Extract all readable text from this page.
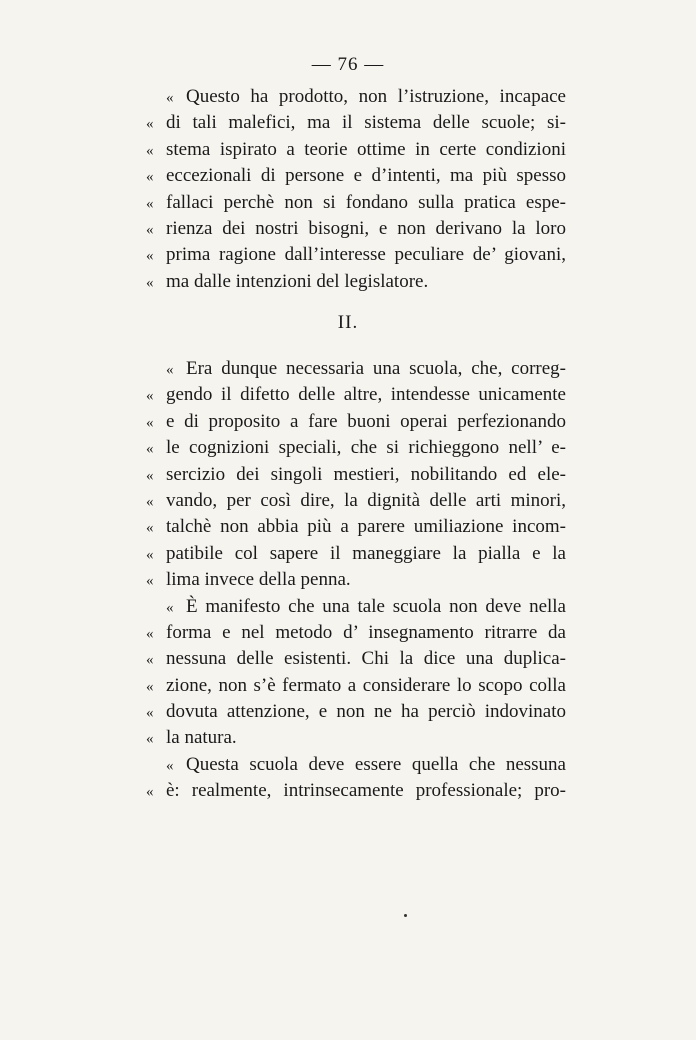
— 76 —
« Questo ha prodotto, non l’istruzione, incapace
« di tali malefici, ma il sistema delle scuole; si-
« stema ispirato a teorie ottime in certe condizioni
« eccezionali di persone e d’intenti, ma più spesso
« fallaci perchè non si fondano sulla pratica espe-
« rienza dei nostri bisogni, e non derivano la loro
« prima ragione dall’interesse peculiare de’ giovani,
« ma dalle intenzioni del legislatore.
II.
« Era dunque necessaria una scuola, che, correg-
« gendo il difetto delle altre, intendesse unicamente
« e di proposito a fare buoni operai perfezionando
« le cognizioni speciali, che si richieggono nell’ e-
« sercizio dei singoli mestieri, nobilitando ed ele-
« vando, per così dire, la dignità delle arti minori,
« talchè non abbia più a parere umiliazione incom-
« patibile col sapere il maneggiare la pialla e la
« lima invece della penna.
« È manifesto che una tale scuola non deve nella
« forma e nel metodo d’ insegnamento ritrarre da
« nessuna delle esistenti. Chi la dice una duplica-
« zione, non s’è fermato a considerare lo scopo colla
« dovuta attenzione, e non ne ha perciò indovinato
« la natura.
« Questa scuola deve essere quella che nessuna
« è: realmente, intrinsecamente professionale; pro-
